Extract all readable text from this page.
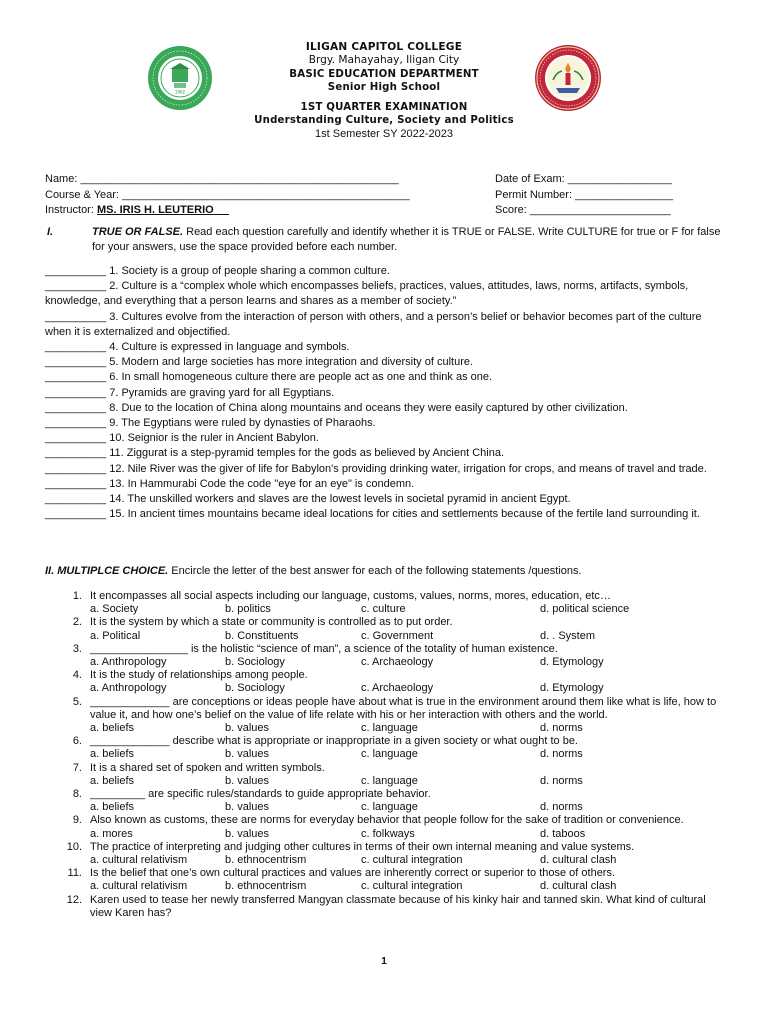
1962
ILIGAN CAPITOL COLLEGE
Brgy. Mahayahay, Iligan City
BASIC EDUCATION DEPARTMENT
Senior High School
1ST QUARTER EXAMINATION
Understanding Culture, Society and Politics
1st Semester SY 2022-2023
Name: ____________________________________________________
Course & Year: _______________________________________________
Instructor: MS. IRIS H. LEUTERIO
Date of Exam: _________________
Permit Number: ________________
Score: _______________________
I.	TRUE OR FALSE. Read each question carefully and identify whether it is TRUE or FALSE. Write CULTURE for true or F for false for your answers, use the space provided before each number.

__________ 1. Society is a group of people sharing a common culture.

__________ 2. Culture is a “complex whole which encompasses beliefs, practices, values, attitudes, laws, norms, artifacts, symbols, knowledge, and everything that a person learns and shares as a member of society.”

__________ 3. Cultures evolve from the interaction of person with others, and a person’s belief or behavior becomes part of the culture when it is externalized and objectified.

__________ 4. Culture is expressed in language and symbols.

__________ 5. Modern and large societies has more integration and diversity of culture.

__________ 6. In small homogeneous culture there are people act as one and think as one.

__________ 7. Pyramids are graving yard for all Egyptians.

__________ 8. Due to the location of China along mountains and oceans they were easily captured by other civilization.

__________ 9. The Egyptians were ruled by dynasties of Pharaohs.

__________ 10. Seignior is the ruler in Ancient Babylon.

__________ 11. Ziggurat is a step-pyramid temples for the gods as believed by Ancient China.

__________ 12. Nile River was the giver of life for Babylon's providing drinking water, irrigation for crops, and means of travel and trade.

__________ 13. In Hammurabi Code the code "eye for an eye" is condemn.

__________ 14. The unskilled workers and slaves are the lowest levels in societal pyramid in ancient Egypt.

__________ 15. In ancient times mountains became ideal locations for cities and settlements because of the fertile land surrounding it.

II. MULTIPLCE CHOICE. Encircle the letter of the best answer for each of the following statements /questions.
1. It encompasses all social aspects including our language, customs, values, norms, mores, education, etc…
a. Society	b. politics	c. culture	d. political science
2. It is the system by which a state or community is controlled as to put order.
a. Political	b. Constituents	c. Government	d. . System
3. ________________ is the holistic “science of man”, a science of the totality of human existence.
a. Anthropology	b. Sociology	c. Archaeology	d. Etymology
4. It is the study of relationships among people.
a. Anthropology	b. Sociology	c. Archaeology	d. Etymology
5. _____________ are conceptions or ideas people have about what is true in the environment around them like what is life, how to value it, and how one’s belief on the value of life relate with his or her interaction with others and the world.
a. beliefs	b. values	c. language	d. norms
6. _____________ describe what is appropriate or inappropriate in a given society or what ought to be.
a. beliefs	b. values	c. language	d. norms
7. It is a shared set of spoken and written symbols.
a. beliefs	b. values	c. language	d. norms
8. _________ are specific rules/standards to guide appropriate behavior.
a. beliefs	b. values	c. language	d. norms
9. Also known as customs, these are norms for everyday behavior that people follow for the sake of tradition or convenience.
a. mores	b. values	c. folkways	d. taboos
10. The practice of interpreting and judging other cultures in terms of their own internal meaning and value systems.
a. cultural relativism	b. ethnocentrism	c. cultural integration	d. cultural clash
11. Is the belief that one’s own cultural practices and values are inherently correct or superior to those of others.
a. cultural relativism	b. ethnocentrism	c. cultural integration	d. cultural clash
12. Karen used to tease her newly transferred Mangyan classmate because of his kinky hair and tanned skin. What kind of cultural view Karen has?
1
